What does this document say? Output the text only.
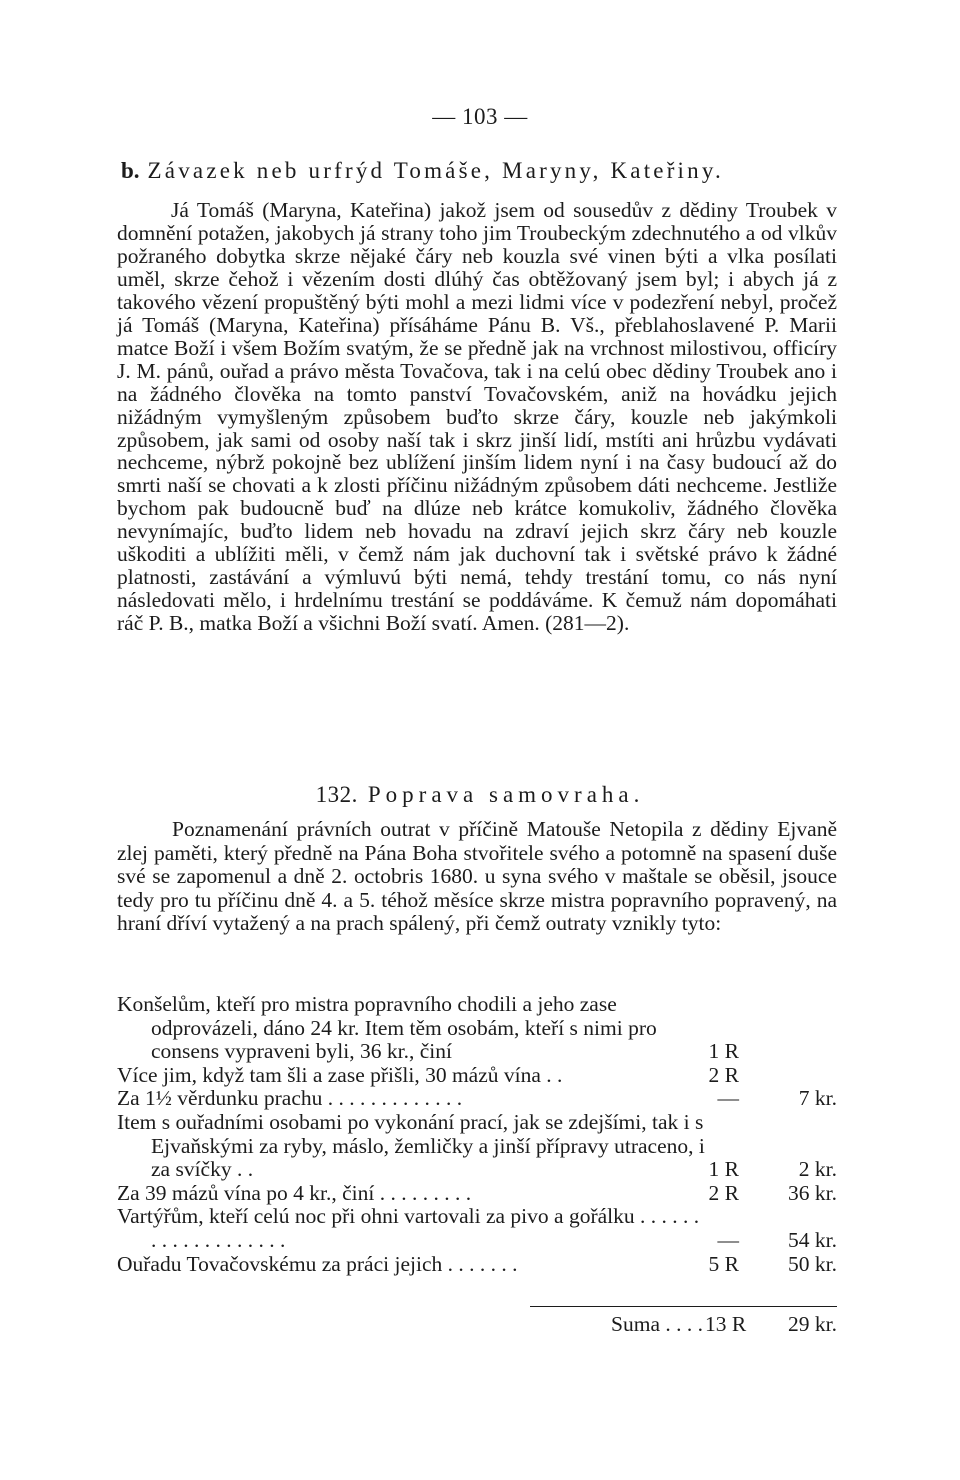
— 103 —
b. Závazek neb urfrýd Tomáše, Maryny, Kateřiny.

Já Tomáš (Maryna, Kateřina) jakož jsem od sousedův z dědiny Troubek v domnění potažen, jakobych já strany toho jim Troubeckým zdechnutého a od vlkův požraného dobytka skrze nějaké čáry neb kouzla své vinen býti a vlka posílati uměl, skrze čehož i vězením dosti dlúhý čas obtěžovaný jsem byl; i abych já z takového vězení propuštěný býti mohl a mezi lidmi více v podezření nebyl, pročež já Tomáš (Maryna, Kateřina) přísáháme Pánu B. Vš., přeblahoslavené P. Marii matce Boží i všem Božím svatým, že se předně jak na vrchnost milostivou, officíry J. M. pánů, ouřad a právo města Tovačova, tak i na celú obec dědiny Troubek ano i na žádného člověka na tomto panství Tovačovském, aniž na hovádku jejich nižádným vymyšleným způsobem buďto skrze čáry, kouzle neb jakýmkoli způsobem, jak sami od osoby naší tak i skrz jinší lidí, mstíti ani hrůzbu vydávati nechceme, nýbrž pokojně bez ublížení jinším lidem nyní i na časy budoucí až do smrti naší se chovati a k zlosti příčinu nižádným způsobem dáti nechceme. Jestliže bychom pak budoucně buď na dlúze neb krátce komukoliv, žádného člověka nevynímajíc, buďto lidem neb hovadu na zdraví jejich skrz čáry neb kouzle uškoditi a ublížiti měli, v čemž nám jak duchovní tak i světské právo k žádné platnosti, zastávání a výmluvú býti nemá, tehdy trestání tomu, co nás nyní následovati mělo, i hrdelnímu trestání se poddáváme. K čemuž nám dopomáhati ráč P. B., matka Boží a všichni Boží svatí. Amen. (281—2).

132. Poprava samovraha.

Poznamenání právních outrat v příčině Matouše Netopila z dědiny Ejvaně zlej paměti, který předně na Pána Boha stvořitele svého a potomně na spasení duše své se zapomenul a dně 2. octobris 1680. u syna svého v maštale se oběsil, jsouce tedy pro tu příčinu dně 4. a 5. téhož měsíce skrze mistra popravního popravený, na hraní dříví vytažený a na prach spálený, při čemž outraty vznikly tyto:

Konšelům, kteří pro mistra popravního chodili a jeho zase odprovázeli, dáno 24 kr. Item těm osobám, kteří s nimi pro consens vypraveni byli, 36 kr., činí	1 R
Více jim, když tam šli a zase přišli, 30 mázů vína . .	2 R
Za 1½ věrdunku prachu . . . . . . . . . . . . .	—	7 kr.
Item s ouřadními osobami po vykonání prací, jak se zdejšími, tak i s Ejvaňskými za ryby, máslo, žemličky a jinší přípravy utraceno, i za svíčky . .	1 R	2 kr.
Za 39 mázů vína po 4 kr., činí . . . . . . . . .	2 R	36 kr.
Vartýřům, kteří celú noc při ohni vartovali za pivo a gořálku . . . . . . . . . . . . . . . . . . .	—	54 kr.
Ouřadu Tovačovskému za práci jejich . . . . . . .	5 R	50 kr.
Suma . . . . 13 R	29 kr.
